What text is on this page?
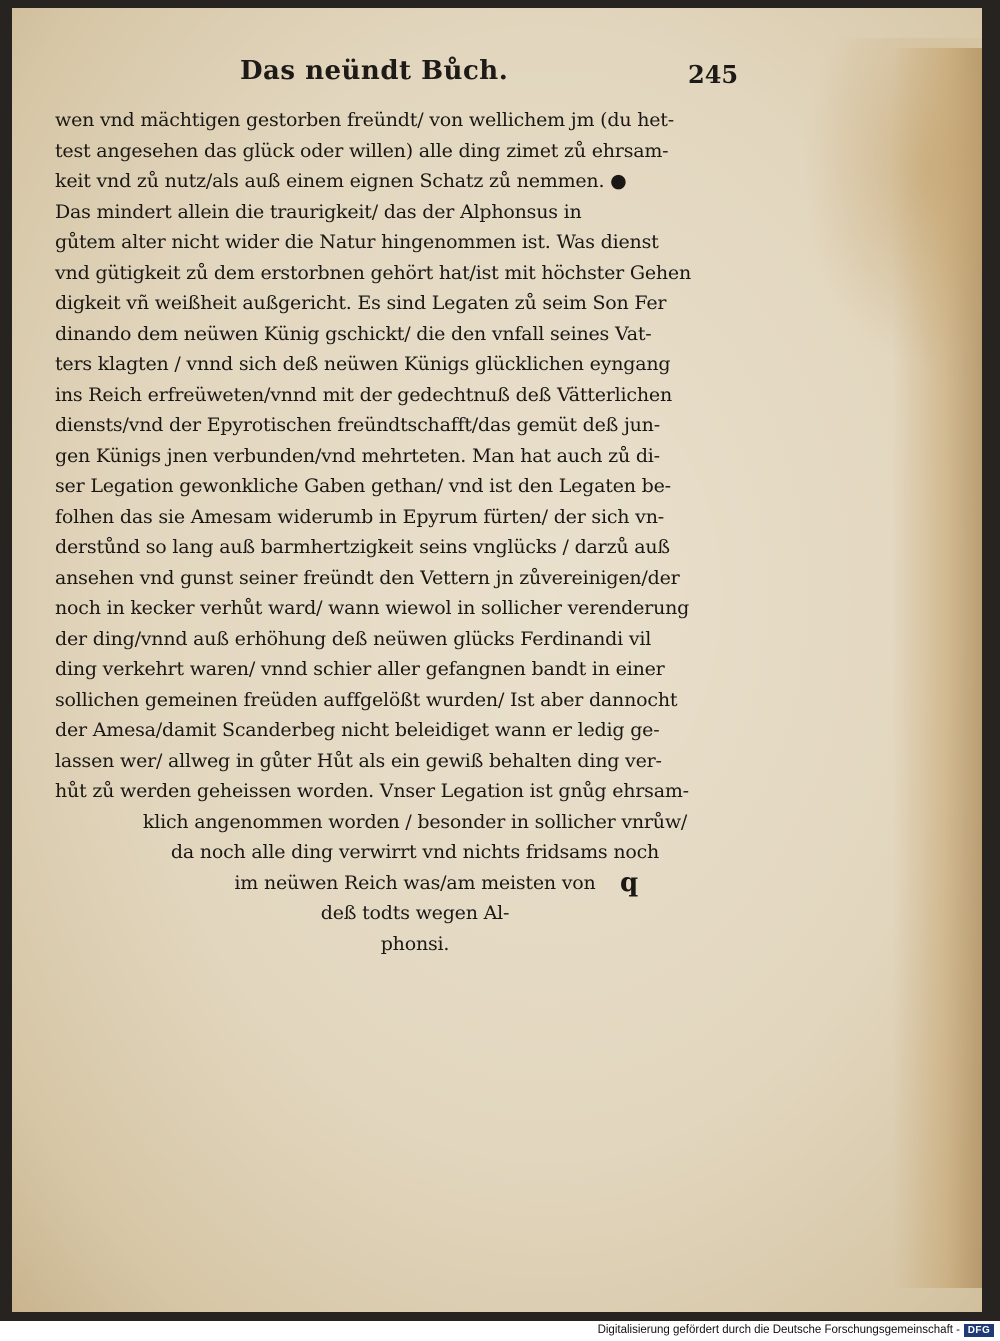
Das neündt Bůch.	245
wen vnd mächtigen gestorben freündt/ von wellichem jm (du het-
test angesehen das glück oder willen) alle ding zimet zů ehrsam-
keit vnd zů nutz/als auß einem eignen Schatz zů nemmen. ●
Das mindert allein die traurigkeit/ das der Alphonsus in
gůtem alter nicht wider die Natur hingenommen ist. Was dienst
vnd gütigkeit zů dem erstorbnen gehört hat/ist mit höchster Gehen
digkeit vñ weißheit außgericht. Es sind Legaten zů seim Son Fer
dinando dem neüwen Künig gschickt/ die den vnfall seines Vat-
ters klagten / vnnd sich deß neüwen Künigs glücklichen eyngang
ins Reich erfreüweten/vnnd mit der gedechtnuß deß Vätterlichen
diensts/vnd der Epyrotischen freündtschafft/das gemüt deß jun-
gen Künigs jnen verbunden/vnd mehrteten. Man hat auch zů di-
ser Legation gewonkliche Gaben gethan/ vnd ist den Legaten be-
folhen das sie Amesam widerumb in Epyrum fürten/ der sich vn-
derstůnd so lang auß barmhertzigkeit seins vnglücks / darzů auß
ansehen vnd gunst seiner freündt den Vettern jn zůvereinigen/der
noch in kecker verhůt ward/ wann wiewol in sollicher verenderung
der ding/vnnd auß erhöhung deß neüwen glücks Ferdinandi vil
ding verkehrt waren/ vnnd schier aller gefangnen bandt in einer
sollichen gemeinen freüden auffgelößt wurden/ Ist aber dannocht
der Amesa/damit Scanderbeg nicht beleidiget wann er ledig ge-
lassen wer/ allweg in gůter Hůt als ein gewiß behalten ding ver-
hůt zů werden geheissen worden. Vnser Legation ist gnůg ehrsam-
klich angenommen worden / besonder in sollicher vnrůw/
da noch alle ding verwirrt vnd nichts fridsams noch
im neüwen Reich was/am meisten von
deß todts wegen Al-
phonsi.
q
Digitalisierung gefördert durch die Deutsche Forschungsgemeinschaft - DFG
